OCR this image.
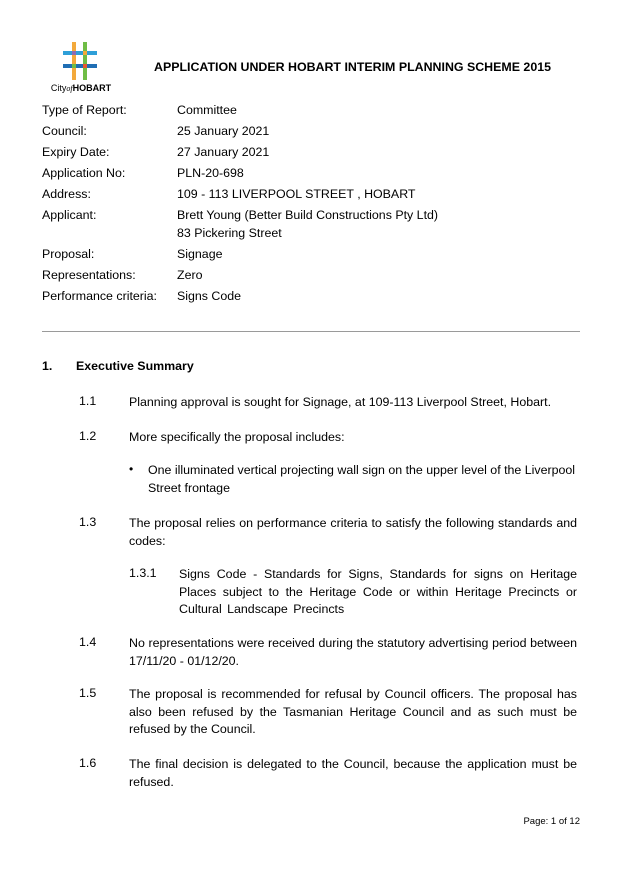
CityofHOBART
APPLICATION UNDER HOBART INTERIM PLANNING SCHEME 2015
Type of Report:	Committee
Council:	25 January 2021
Expiry Date:	27 January 2021
Application No:	PLN-20-698
Address:	109 - 113 LIVERPOOL STREET , HOBART
Applicant:	Brett Young (Better Build Constructions Pty Ltd)
83 Pickering Street
Proposal:	Signage
Representations:	Zero
Performance criteria:	Signs Code
1. Executive Summary
1.1	Planning approval is sought for Signage, at 109-113 Liverpool Street, Hobart.
1.2	More specifically the proposal includes:
• One illuminated vertical projecting wall sign on the upper level of the Liverpool Street frontage
1.3	The proposal relies on performance criteria to satisfy the following standards and codes:
1.3.1 Signs Code - Standards for Signs, Standards for signs on Heritage Places subject to the Heritage Code or within Heritage Precincts or Cultural Landscape Precincts
1.4	No representations were received during the statutory advertising period between 17/11/20 - 01/12/20.
1.5	The proposal is recommended for refusal by Council officers. The proposal has also been refused by the Tasmanian Heritage Council and as such must be refused by the Council.
1.6	The final decision is delegated to the Council, because the application must be refused.
Page: 1 of 12
